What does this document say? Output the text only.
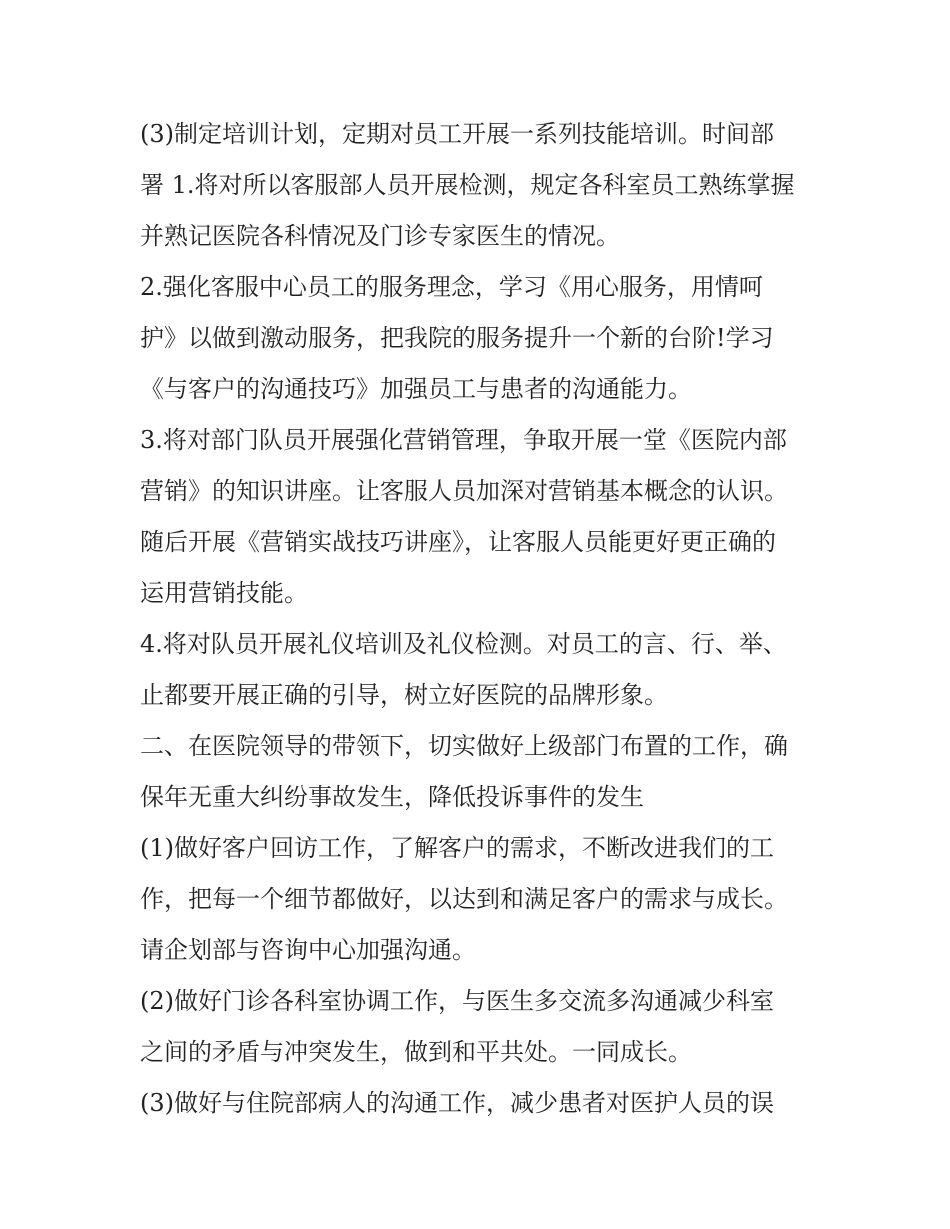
(3)制定培训计划，定期对员工开展一系列技能培训。时间部
署 1.将对所以客服部人员开展检测，规定各科室员工熟练掌握
并熟记医院各科情况及门诊专家医生的情况。
2.强化客服中心员工的服务理念，学习《用心服务，用情呵
护》以做到激动服务，把我院的服务提升一个新的台阶!学习
《与客户的沟通技巧》加强员工与患者的沟通能力。
3.将对部门队员开展强化营销管理，争取开展一堂《医院内部
营销》的知识讲座。让客服人员加深对营销基本概念的认识。
随后开展《营销实战技巧讲座》，让客服人员能更好更正确的
运用营销技能。
4.将对队员开展礼仪培训及礼仪检测。对员工的言、行、举、
止都要开展正确的引导，树立好医院的品牌形象。
二、在医院领导的带领下，切实做好上级部门布置的工作，确
保年无重大纠纷事故发生，降低投诉事件的发生
(1)做好客户回访工作，了解客户的需求，不断改进我们的工
作，把每一个细节都做好，以达到和满足客户的需求与成长。
请企划部与咨询中心加强沟通。
(2)做好门诊各科室协调工作，与医生多交流多沟通减少科室
之间的矛盾与冲突发生，做到和平共处。一同成长。
(3)做好与住院部病人的沟通工作，减少患者对医护人员的误
